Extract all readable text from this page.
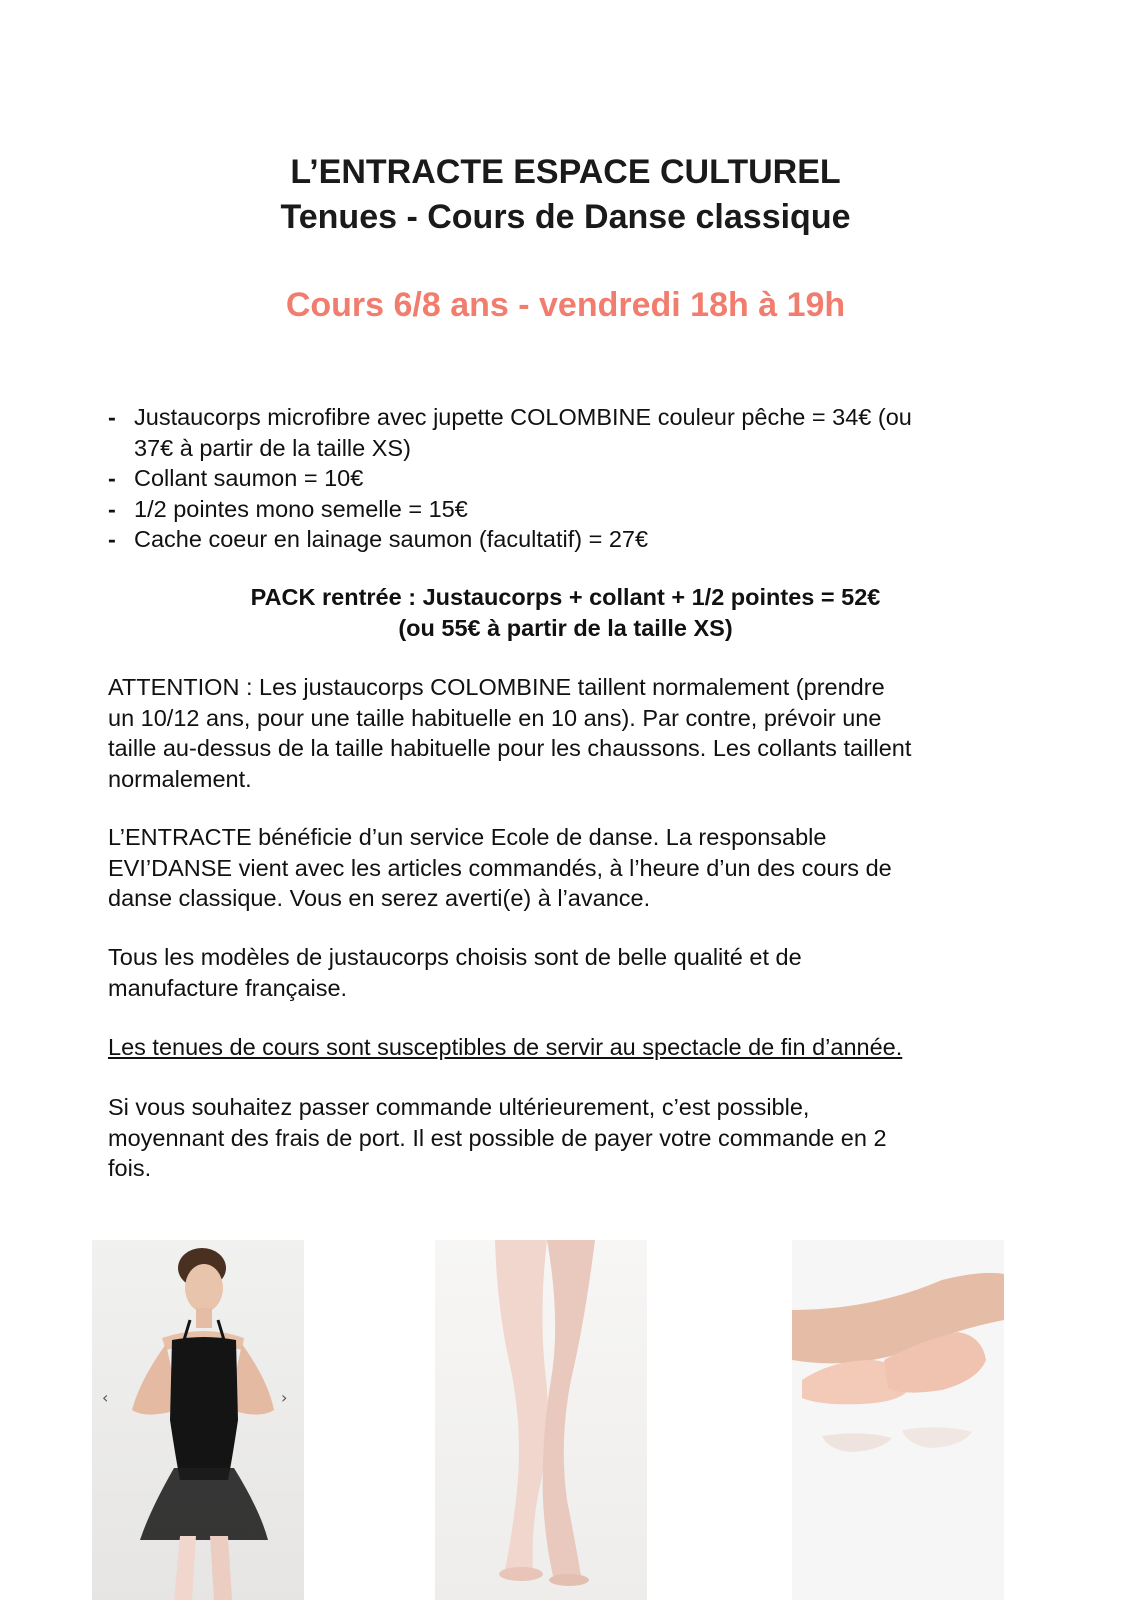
L’ENTRACTE ESPACE CULTUREL
Tenues - Cours de Danse classique
Cours 6/8 ans - vendredi 18h à 19h
- Justaucorps microfibre avec jupette COLOMBINE couleur pêche = 34€ (ou
37€ à partir de la taille XS)
- Collant saumon = 10€
- 1/2 pointes mono semelle = 15€
- Cache coeur en lainage saumon (facultatif) = 27€
PACK rentrée : Justaucorps + collant + 1/2 pointes = 52€
(ou 55€ à partir de la taille XS)

ATTENTION : Les justaucorps COLOMBINE taillent normalement (prendre
un 10/12 ans, pour une taille habituelle en 10 ans). Par contre, prévoir une
taille au-dessus de la taille habituelle pour les chaussons. Les collants taillent
normalement.

L’ENTRACTE bénéficie d’un service Ecole de danse. La responsable
EVI’DANSE vient avec les articles commandés, à l’heure d’un des cours de
danse classique. Vous en serez averti(e) à l’avance.

Tous les modèles de justaucorps choisis sont de belle qualité et de
manufacture française.

Les tenues de cours sont susceptibles de servir au spectacle de fin d’année.

Si vous souhaitez passer commande ultérieurement, c’est possible,
moyennant des frais de port. Il est possible de payer votre commande en 2
fois.

‹	›
